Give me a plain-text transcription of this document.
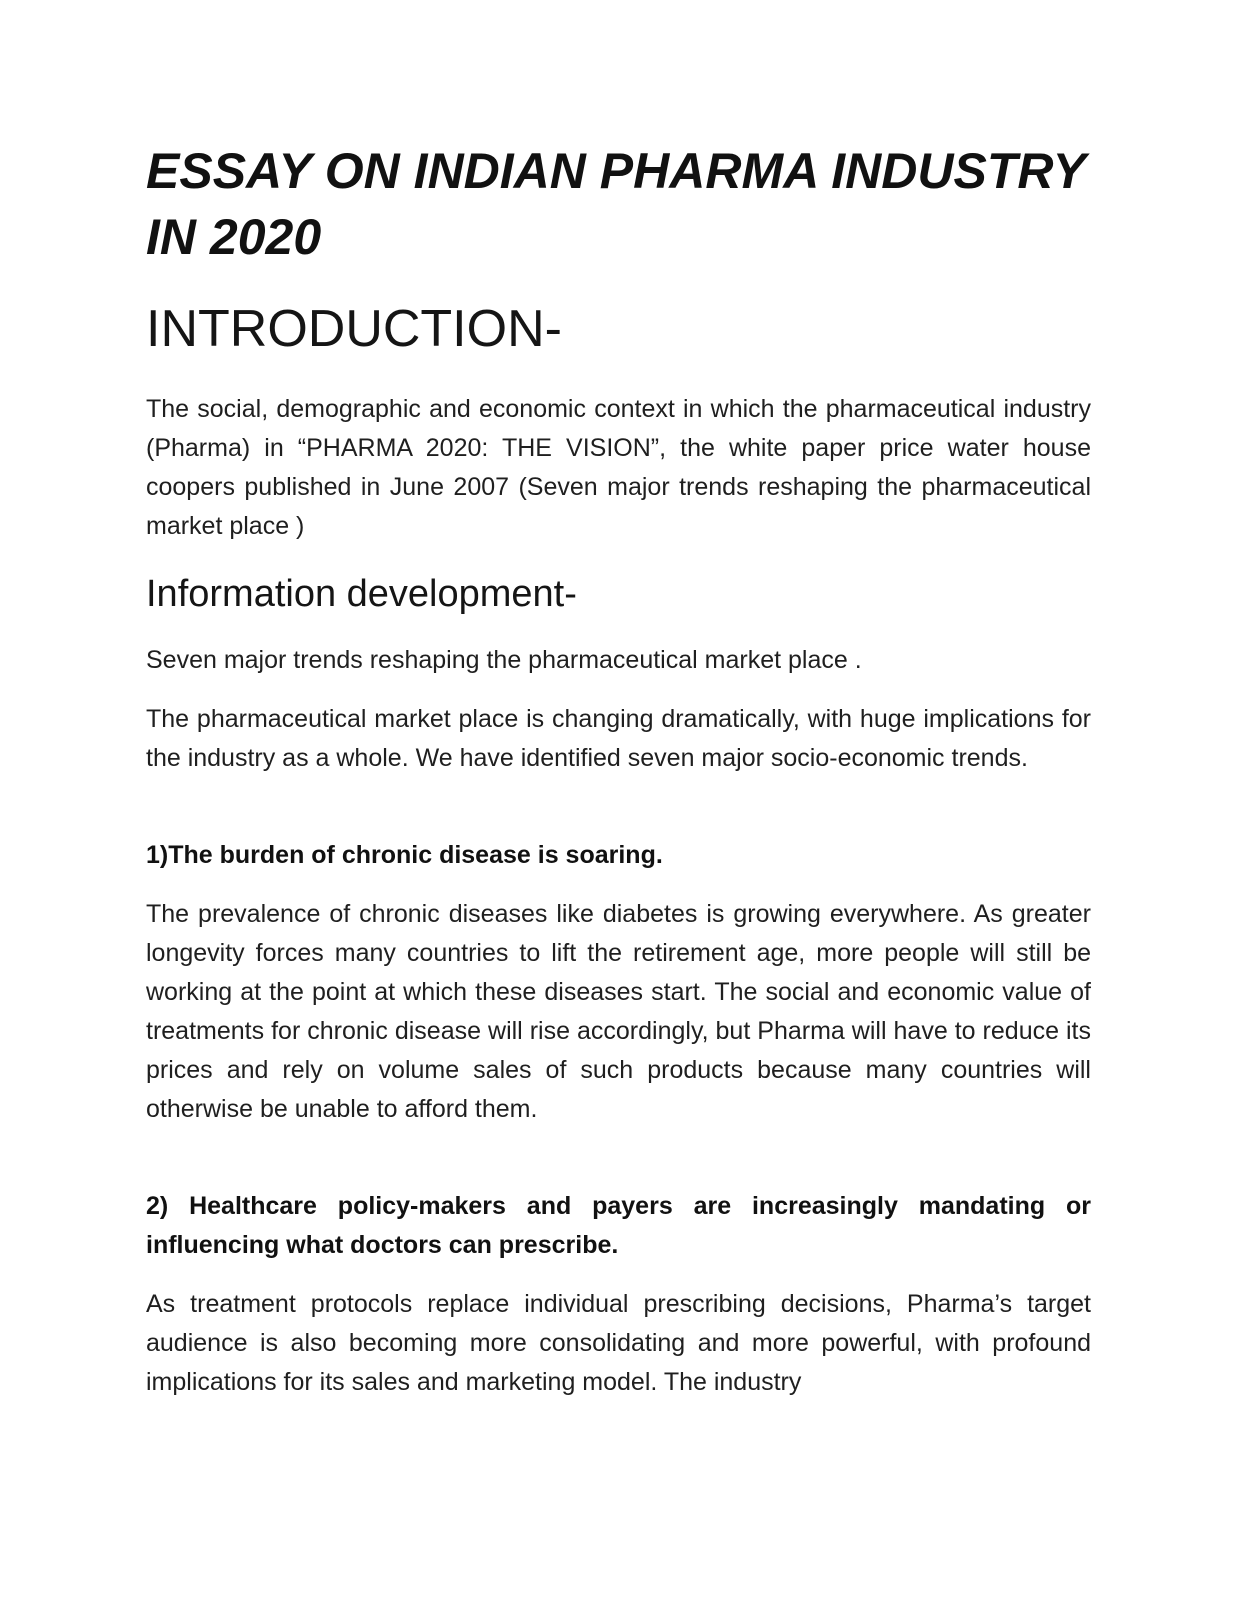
ESSAY ON INDIAN PHARMA INDUSTRY IN 2020
INTRODUCTION-

The social, demographic and economic context in which the pharmaceutical industry (Pharma) in “PHARMA 2020: THE VISION”, the white paper price water house coopers published in June 2007 (Seven major trends reshaping the pharmaceutical market place )

Information development-

Seven major trends reshaping the pharmaceutical market place .

The pharmaceutical market place is changing dramatically, with huge implications for the industry as a whole. We have identified seven major socio-economic trends.

1)The burden of chronic disease is soaring.

The prevalence of chronic diseases like diabetes is growing everywhere. As greater longevity forces many countries to lift the retirement age, more people will still be working at the point at which these diseases start. The social and economic value of treatments for chronic disease will rise accordingly, but Pharma will have to reduce its prices and rely on volume sales of such products because many countries will otherwise be unable to afford them.

2) Healthcare policy-makers and payers are increasingly mandating or influencing what doctors can prescribe.

As treatment protocols replace individual prescribing decisions, Pharma’s target audience is also becoming more consolidating and more powerful, with profound implications for its sales and marketing model. The industry
